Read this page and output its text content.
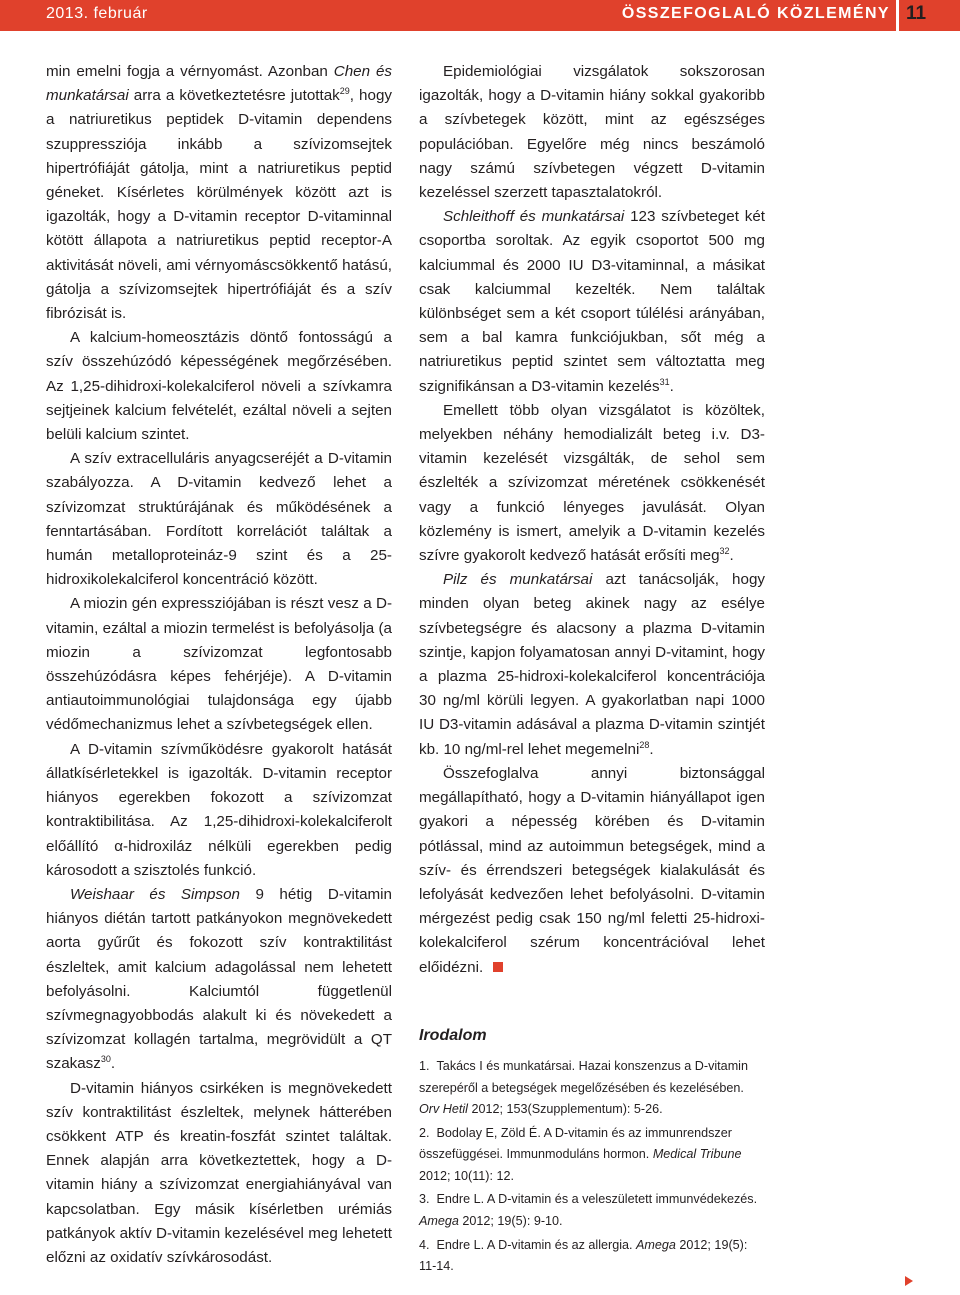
2013. február	ÖSSZEFOGLALÓ KÖZLEMÉNY 11

min emelni fogja a vérnyomást. Azonban Chen és munkatársai arra a következtetésre jutottak$^{29}$, hogy a natriuretikus peptidek D-vitamin dependens szuppressziója inkább a szívizomsejtek hipertrófiáját gátolja, mint a natriuretikus peptid géneket. Kísérletes körülmények között azt is igazolták, hogy a D-vitamin receptor D-vitaminnal kötött állapota a natriuretikus peptid receptor-A aktivitását növeli, ami vérnyomáscsökkentő hatású, gátolja a szívizomsejtek hipertrófiáját és a szív fibrózisát is.

A kalcium-homeosztázis döntő fontosságú a szív összehúzódó képességének megőrzésében. Az 1,25-dihidroxi-kolekalciferol növeli a szívkamra sejtjeinek kalcium felvételét, ezáltal növeli a sejten belüli kalcium szintet.

A szív extracelluláris anyagcseréjét a D-vitamin szabályozza. A D-vitamin kedvező lehet a szívizomzat struktúrájának és működésének a fenntartásában. Fordított korrelációt találtak a humán metalloproteináz-9 szint és a 25-hidroxikolekalciferol koncentráció között.

A miozin gén expressziójában is részt vesz a D-vitamin, ezáltal a miozin termelést is befolyásolja (a miozin a szívizomzat legfontosabb összehúzódásra képes fehérjéje). A D-vitamin antiautoimmunológiai tulajdonsága egy újabb védőmechanizmus lehet a szívbetegségek ellen.

A D-vitamin szívműködésre gyakorolt hatását állatkísérletekkel is igazolták. D-vitamin receptor hiányos egerekben fokozott a szívizomzat kontraktibilitása. Az 1,25-dihidroxi-kolekalciferolt előállító α-hidroxiláz nélküli egerekben pedig károsodott a szisztolés funkció.

Weishaar és Simpson 9 hétig D-vitamin hiányos diétán tartott patkányokon megnövekedett aorta gyűrűt és fokozott szív kontraktilitást észleltek, amit kalcium adagolással nem lehetett befolyásolni. Kalciumtól függetlenül szívmegnagyobbodás alakult ki és növekedett a szívizomzat kollagén tartalma, megrövidült a QT szakasz$^{30}$.

D-vitamin hiányos csirkéken is megnövekedett szív kontraktilitást észleltek, melynek hátterében csökkent ATP és kreatin-foszfát szintet találtak. Ennek alapján arra következtettek, hogy a D-vitamin hiány a szívizomzat energiahiányával van kapcsolatban. Egy másik kísérletben urémiás patkányok aktív D-vitamin kezelésével meg lehetett előzni az oxidatív szívkárosodást.

Epidemiológiai vizsgálatok sokszorosan igazolták, hogy a D-vitamin hiány sokkal gyakoribb a szívbetegek között, mint az egészséges populációban. Egyelőre még nincs beszámoló nagy számú szívbetegen végzett D-vitamin kezeléssel szerzett tapasztalatokról.

Schleithoff és munkatársai 123 szívbeteget két csoportba soroltak. Az egyik csoportot 500 mg kalciummal és 2000 IU D3-vitaminnal, a másikat csak kalciummal kezelték. Nem találtak különbséget sem a két csoport túlélési arányában, sem a bal kamra funkciójukban, sőt még a natriuretikus peptid szintet sem változtatta meg szignifikánsan a D3-vitamin kezelés$^{31}$.

Emellett több olyan vizsgálatot is közöltek, melyekben néhány hemodializált beteg i.v. D3-vitamin kezelését vizsgálták, de sehol sem észlelték a szívizomzat méretének csökkenését vagy a funkció lényeges javulását. Olyan közlemény is ismert, amelyik a D-vitamin kezelés szívre gyakorolt kedvező hatását erősíti meg$^{32}$.

Pilz és munkatársai azt tanácsolják, hogy minden olyan beteg akinek nagy az esélye szívbetegségre és alacsony a plazma D-vitamin szintje, kapjon folyamatosan annyi D-vitamint, hogy a plazma 25-hidroxi-kolekalciferol koncentrációja 30 ng/ml körüli legyen. A gyakorlatban napi 1000 IU D3-vitamin adásával a plazma D-vitamin szintjét kb. 10 ng/ml-rel lehet megemelni$^{28}$.

Összefoglalva annyi biztonsággal megállapítható, hogy a D-vitamin hiányállapot igen gyakori a népesség körében és D-vitamin pótlással, mind az autoimmun betegségek, mind a szív- és érrendszeri betegségek kialakulását és lefolyását kedvezően lehet befolyásolni. D-vitamin mérgezést pedig csak 150 ng/ml feletti 25-hidroxi-kolekalciferol szérum koncentrációval lehet előidézni.

Irodalom
1. Takács I és munkatársai. Hazai konszenzus a D-vitamin szerepéről a betegségek megelőzésében és kezelésében. Orv Hetil 2012; 153(Szupplementum): 5-26.
2. Bodolay E, Zöld É. A D-vitamin és az immunrendszer összefüggései. Immunmoduláns hormon. Medical Tribune 2012; 10(11): 12.
3. Endre L. A D-vitamin és a veleszületett immunvédekezés. Amega 2012; 19(5): 9-10.
4. Endre L. A D-vitamin és az allergia. Amega 2012; 19(5): 11-14.
